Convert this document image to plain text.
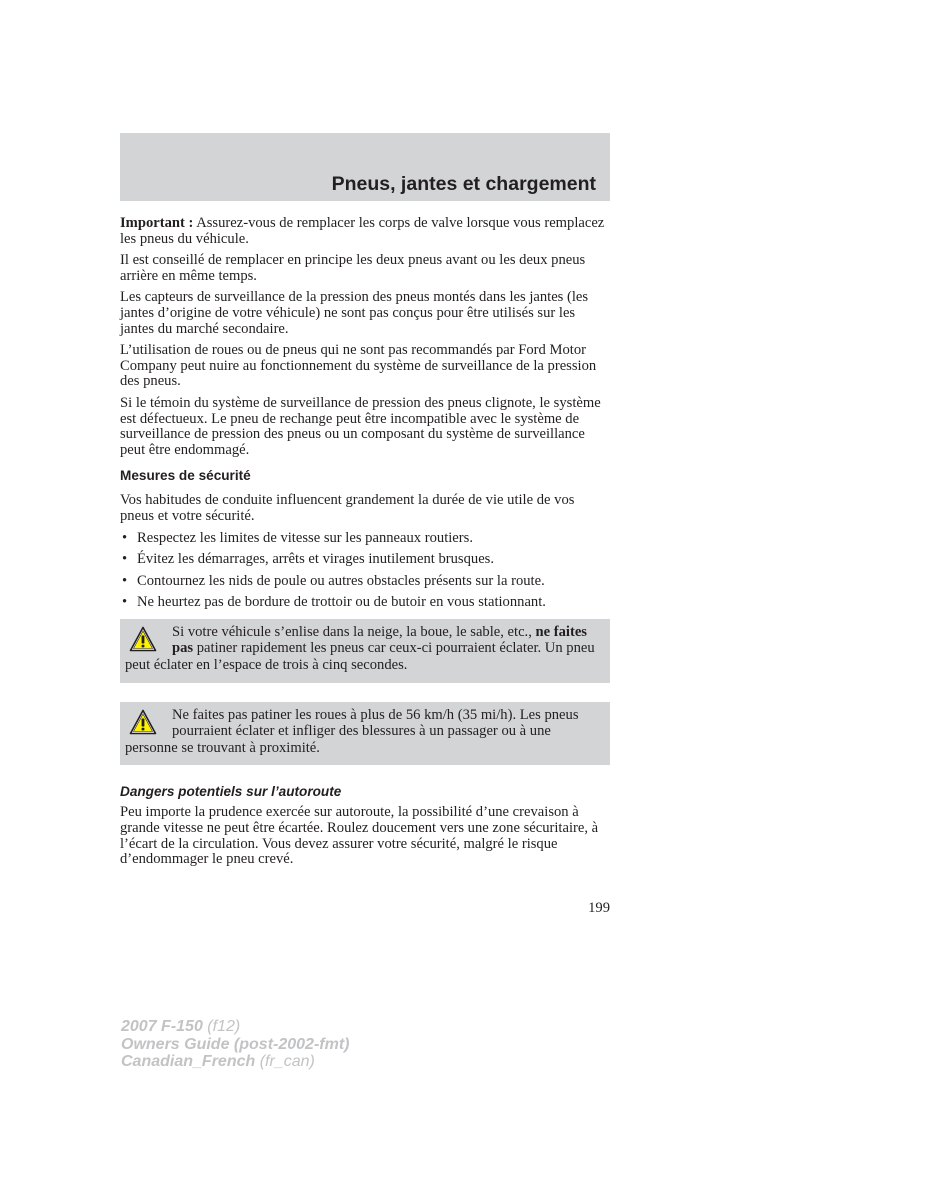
Pneus, jantes et chargement

Important : Assurez-vous de remplacer les corps de valve lorsque vous remplacez les pneus du véhicule.

Il est conseillé de remplacer en principe les deux pneus avant ou les deux pneus arrière en même temps.

Les capteurs de surveillance de la pression des pneus montés dans les jantes (les jantes d’origine de votre véhicule) ne sont pas conçus pour être utilisés sur les jantes du marché secondaire.

L’utilisation de roues ou de pneus qui ne sont pas recommandés par Ford Motor Company peut nuire au fonctionnement du système de surveillance de la pression des pneus.

Si le témoin du système de surveillance de pression des pneus clignote, le système est défectueux. Le pneu de rechange peut être incompatible avec le système de surveillance de pression des pneus ou un composant du système de surveillance peut être endommagé.

Mesures de sécurité

Vos habitudes de conduite influencent grandement la durée de vie utile de vos pneus et votre sécurité.

• Respectez les limites de vitesse sur les panneaux routiers.
• Évitez les démarrages, arrêts et virages inutilement brusques.
• Contournez les nids de poule ou autres obstacles présents sur la route.
• Ne heurtez pas de bordure de trottoir ou de butoir en vous stationnant.
Si votre véhicule s’enlise dans la neige, la boue, le sable, etc., ne faites pas patiner rapidement les pneus car ceux-ci pourraient éclater. Un pneu peut éclater en l’espace de trois à cinq secondes.
Ne faites pas patiner les roues à plus de 56 km/h (35 mi/h). Les pneus pourraient éclater et infliger des blessures à un passager ou à une personne se trouvant à proximité.
Dangers potentiels sur l’autoroute

Peu importe la prudence exercée sur autoroute, la possibilité d’une crevaison à grande vitesse ne peut être écartée. Roulez doucement vers une zone sécuritaire, à l’écart de la circulation. Vous devez assurer votre sécurité, malgré le risque d’endommager le pneu crevé.

199
2007 F-150 (f12)
Owners Guide (post-2002-fmt)
Canadian_French (fr_can)
